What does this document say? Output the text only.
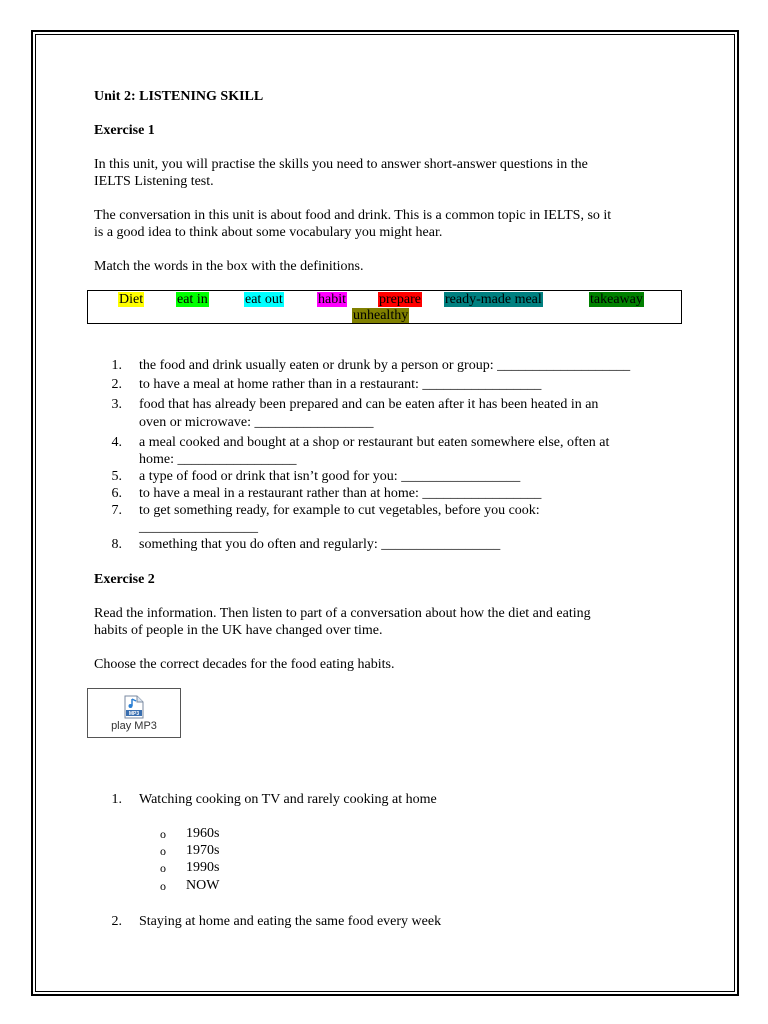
Unit 2: LISTENING SKILL
Exercise 1
In this unit, you will practise the skills you need to answer short-answer questions in the
IELTS Listening test.
The conversation in this unit is about food and drink. This is a common topic in IELTS, so it
is a good idea to think about some vocabulary you might hear.
Match the words in the box with the definitions.
Diet eat in	eat out	habit prepare ready-made meal	takeaway
unhealthy
1. the food and drink usually eaten or drunk by a person or group: ___________________
2. to have a meal at home rather than in a restaurant: _________________
3. food that has already been prepared and can be eaten after it has been heated in an
oven or microwave: _________________
4. a meal cooked and bought at a shop or restaurant but eaten somewhere else, often at
home: _________________
5. a type of food or drink that isn’t good for you: _________________
6. to have a meal in a restaurant rather than at home: _________________
7. to get something ready, for example to cut vegetables, before you cook:
_________________
8. something that you do often and regularly: _________________
Exercise 2
Read the information. Then listen to part of a conversation about how the diet and eating
habits of people in the UK have changed over time.
Choose the correct decades for the food eating habits.
MP3
play MP3
1. Watching cooking on TV and rarely cooking at home
o 1960s
o 1970s
o 1990s
o NOW
2. Staying at home and eating the same food every week
